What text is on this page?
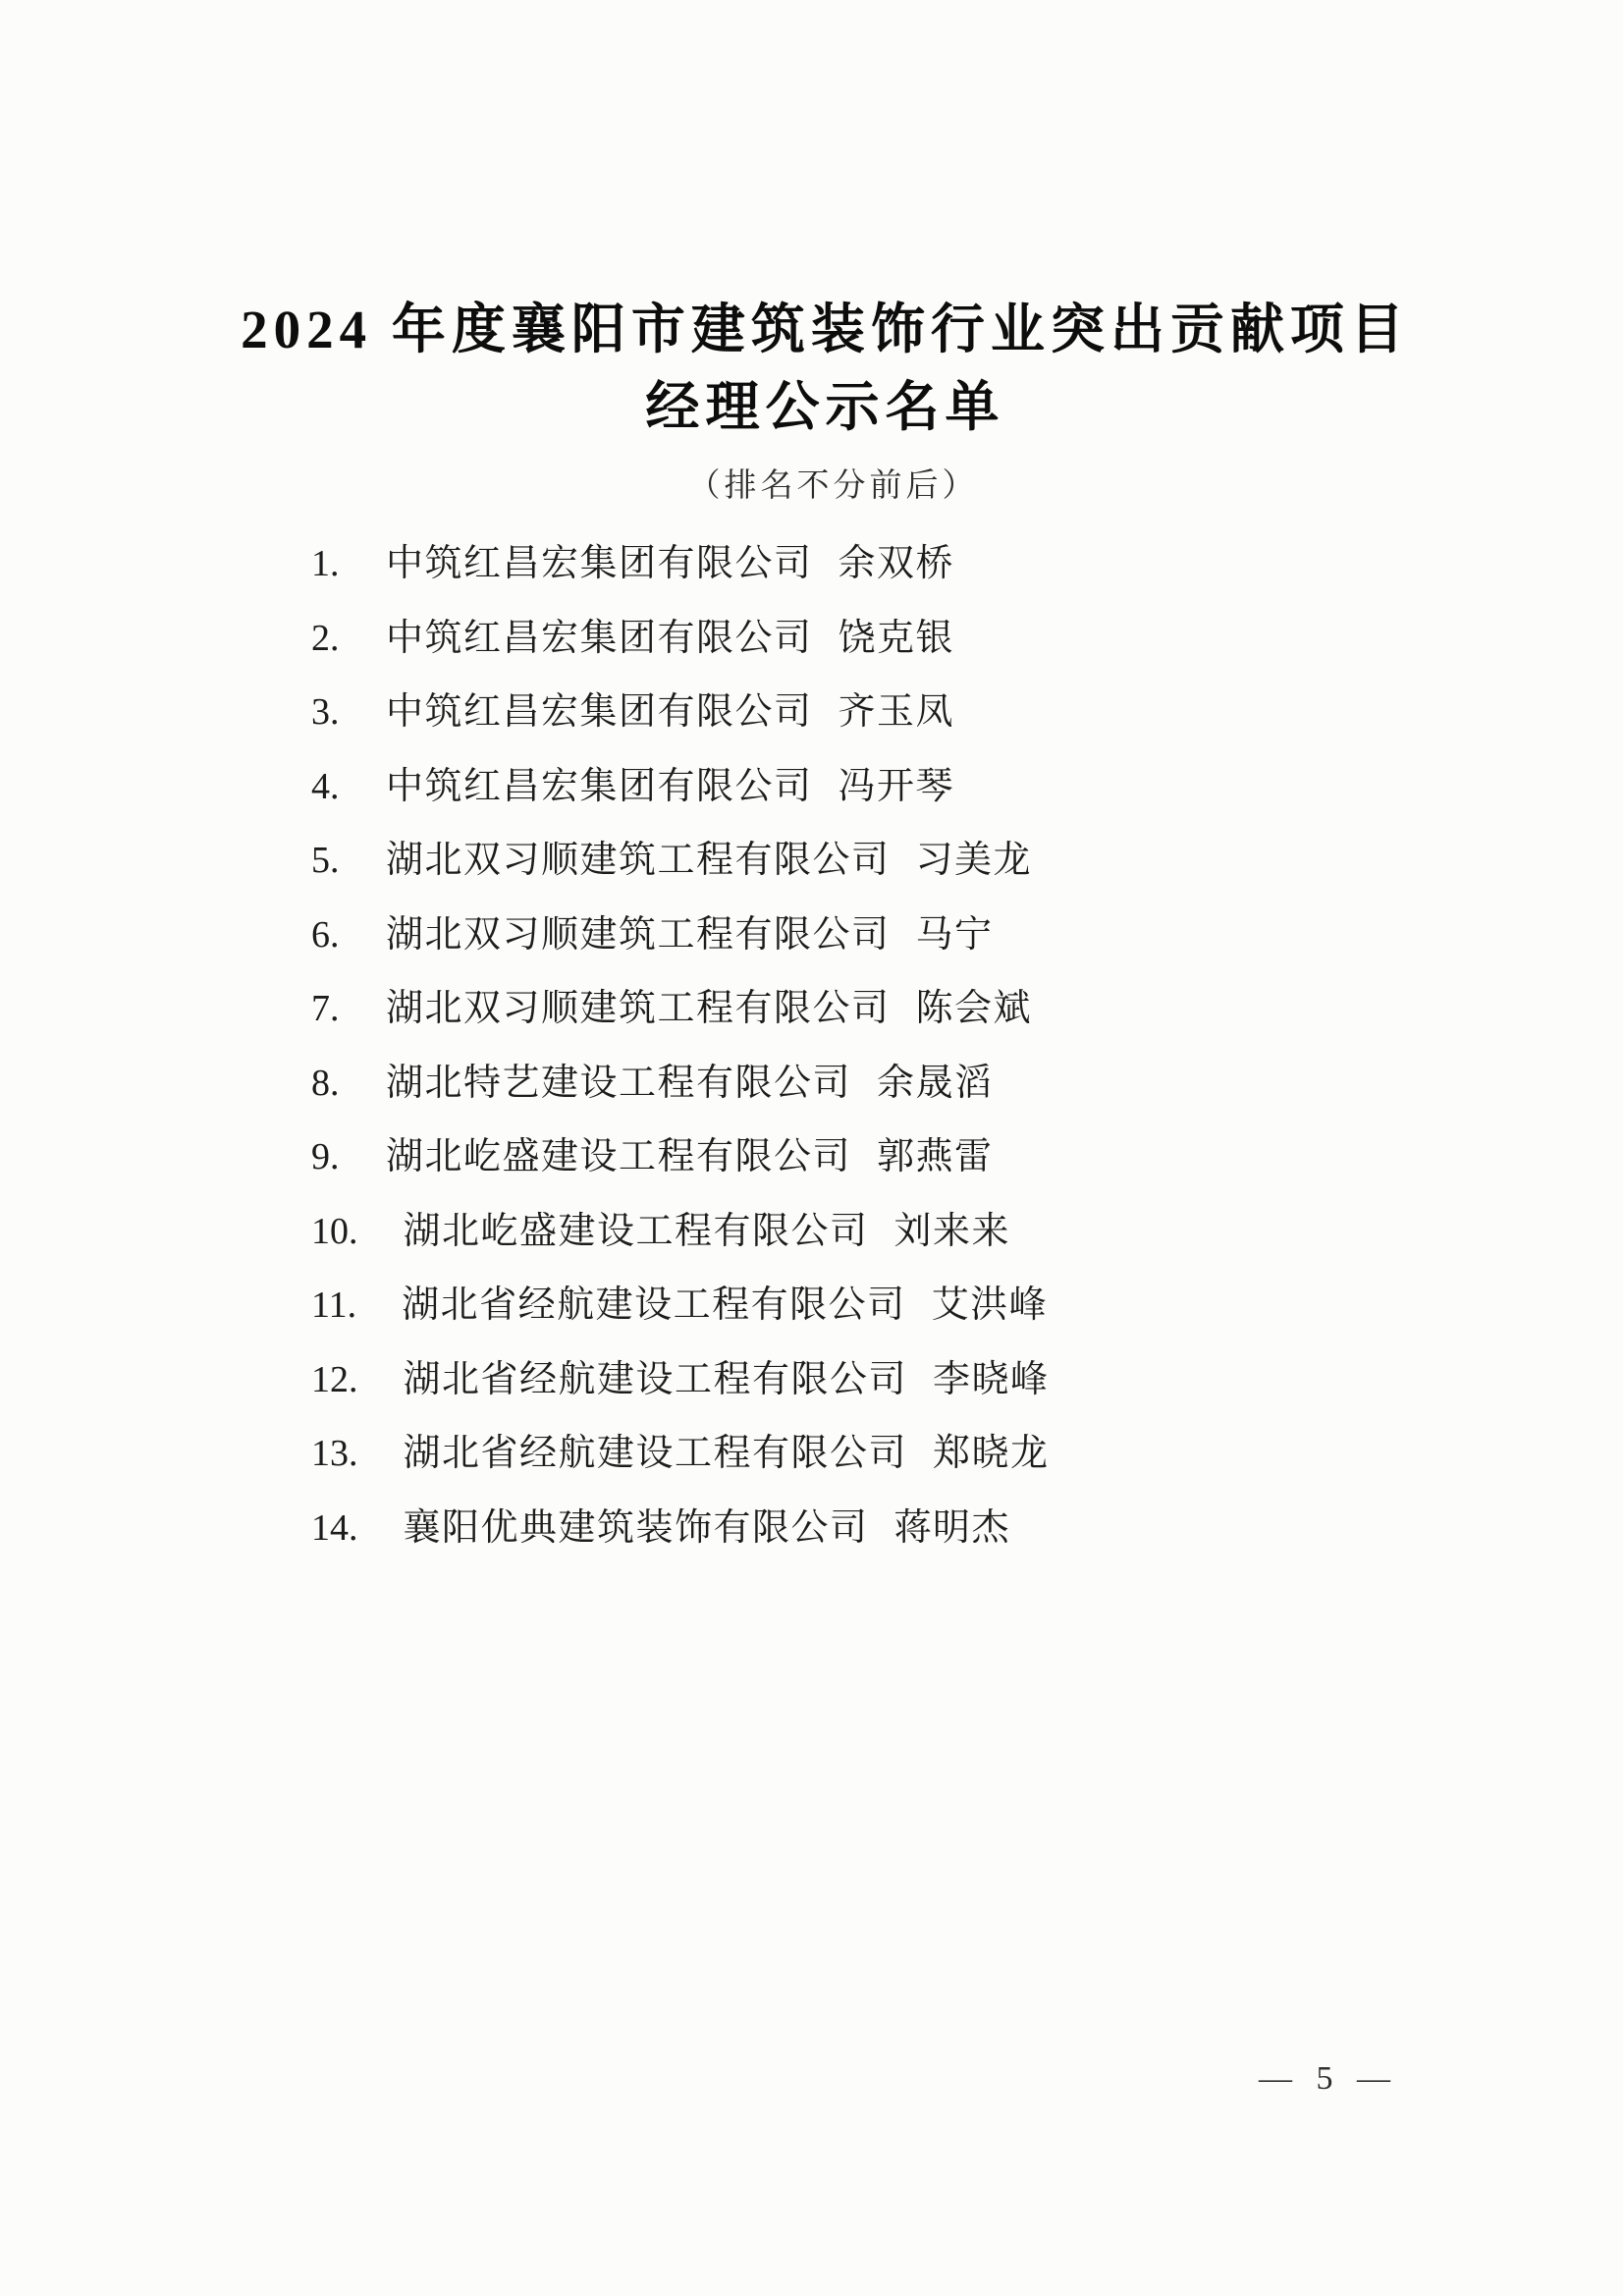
2024 年度襄阳市建筑装饰行业突出贡献项目
经理公示名单
（排名不分前后）
1. 中筑红昌宏集团有限公司 余双桥
2. 中筑红昌宏集团有限公司 饶克银
3. 中筑红昌宏集团有限公司 齐玉凤
4. 中筑红昌宏集团有限公司 冯开琴
5. 湖北双习顺建筑工程有限公司 习美龙
6. 湖北双习顺建筑工程有限公司 马宁
7. 湖北双习顺建筑工程有限公司 陈会斌
8. 湖北特艺建设工程有限公司 余晟滔
9. 湖北屹盛建设工程有限公司 郭燕雷
10. 湖北屹盛建设工程有限公司 刘来来
11. 湖北省经航建设工程有限公司 艾洪峰
12. 湖北省经航建设工程有限公司 李晓峰
13. 湖北省经航建设工程有限公司 郑晓龙
14. 襄阳优典建筑装饰有限公司 蒋明杰
— 5 —
